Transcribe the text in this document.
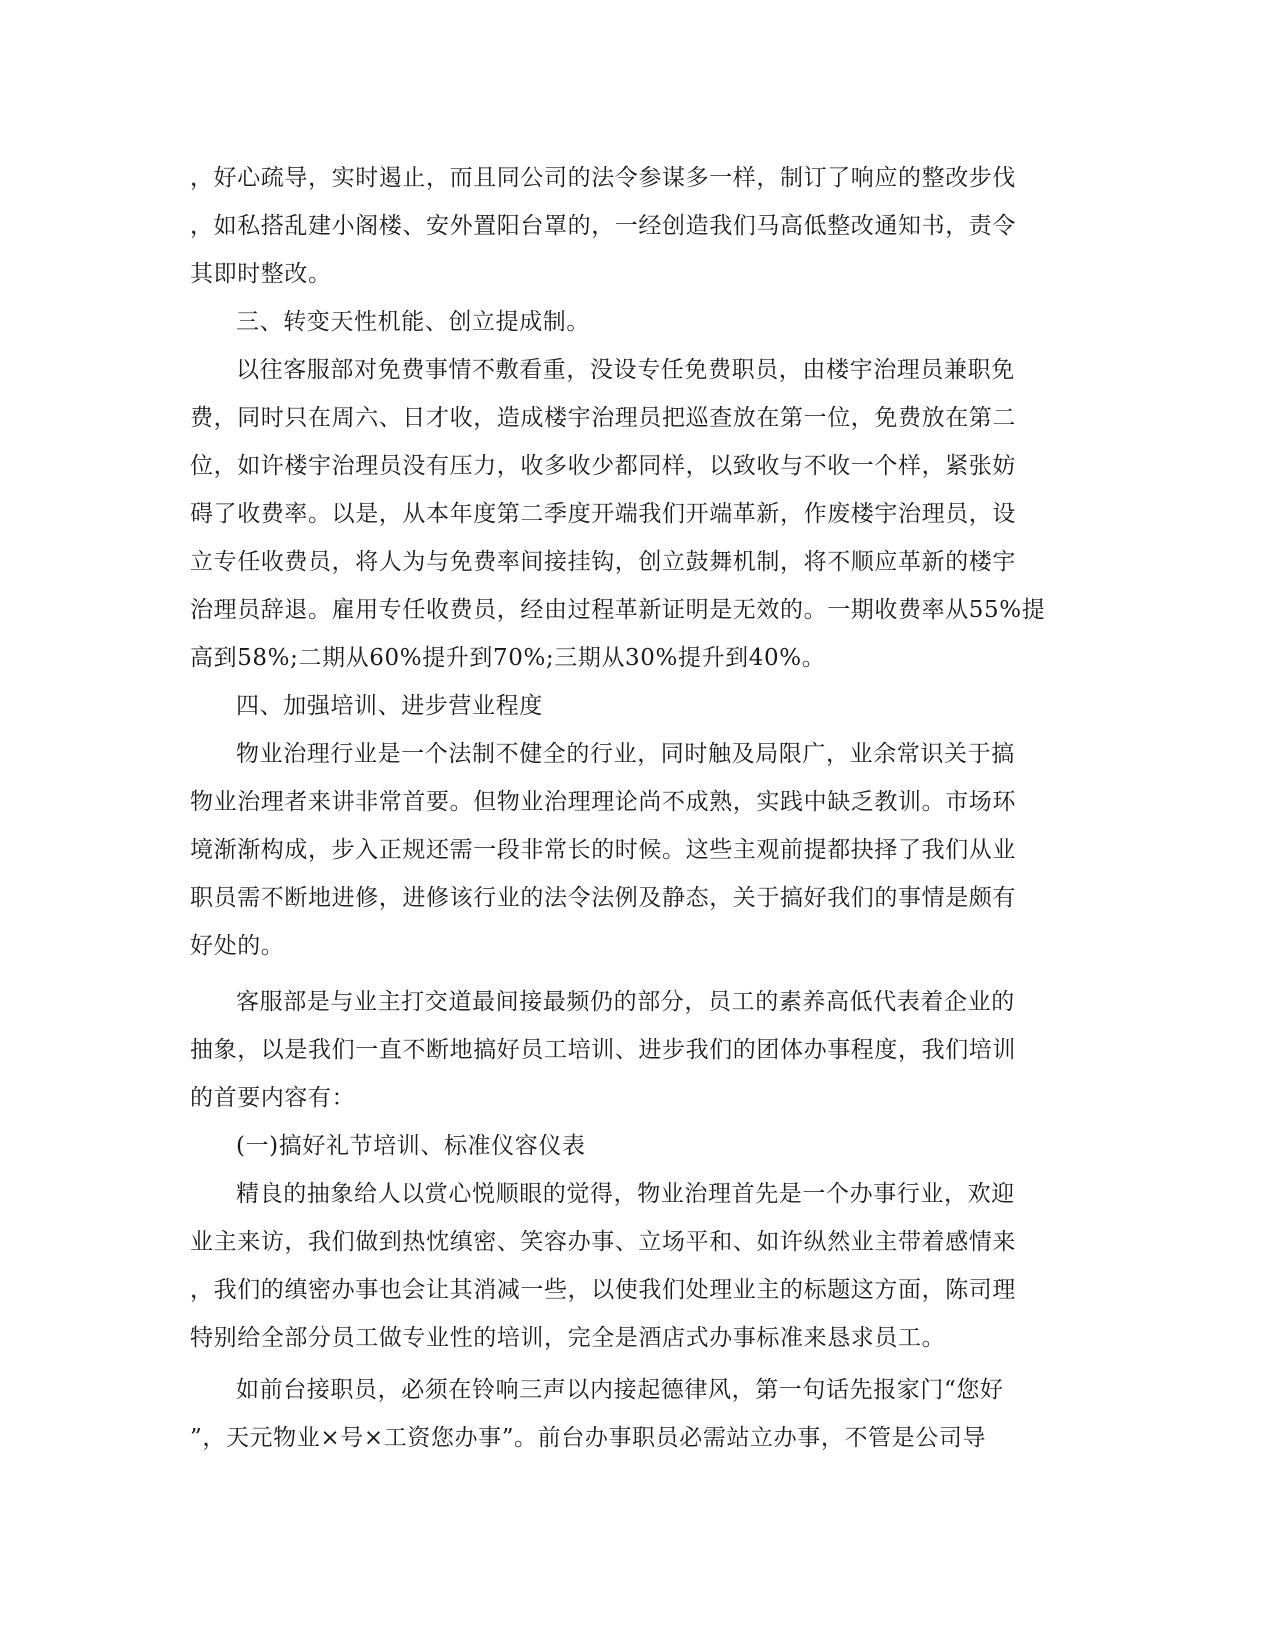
，好心疏导，实时遏止，而且同公司的法令参谋多一样，制订了响应的整改步伐
，如私搭乱建小阁楼、安外置阳台罩的，一经创造我们马高低整改通知书，责令
其即时整改。
三、转变天性机能、创立提成制。
以往客服部对免费事情不敷看重，没设专任免费职员，由楼宇治理员兼职免
费，同时只在周六、日才收，造成楼宇治理员把巡查放在第一位，免费放在第二
位，如许楼宇治理员没有压力，收多收少都同样，以致收与不收一个样，紧张妨
碍了收费率。以是，从本年度第二季度开端我们开端革新，作废楼宇治理员，设
立专任收费员，将人为与免费率间接挂钩，创立鼓舞机制，将不顺应革新的楼宇
治理员辞退。雇用专任收费员，经由过程革新证明是无效的。一期收费率从55%提
高到58%;二期从60%提升到70%;三期从30%提升到40%。
四、加强培训、进步营业程度
物业治理行业是一个法制不健全的行业，同时触及局限广，业余常识关于搞
物业治理者来讲非常首要。但物业治理理论尚不成熟，实践中缺乏教训。市场环
境渐渐构成，步入正规还需一段非常长的时候。这些主观前提都抉择了我们从业
职员需不断地进修，进修该行业的法令法例及静态，关于搞好我们的事情是颇有
好处的。
客服部是与业主打交道最间接最频仍的部分，员工的素养高低代表着企业的
抽象，以是我们一直不断地搞好员工培训、进步我们的团体办事程度，我们培训
的首要内容有：
(一)搞好礼节培训、标准仪容仪表
精良的抽象给人以赏心悦顺眼的觉得，物业治理首先是一个办事行业，欢迎
业主来访，我们做到热忱缜密、笑容办事、立场平和、如许纵然业主带着感情来
，我们的缜密办事也会让其消减一些，以使我们处理业主的标题这方面，陈司理
特别给全部分员工做专业性的培训，完全是酒店式办事标准来恳求员工。
如前台接职员，必须在铃响三声以内接起德律风，第一句话先报家门“您好
”，天元物业×号×工资您办事”。前台办事职员必需站立办事，不管是公司导
